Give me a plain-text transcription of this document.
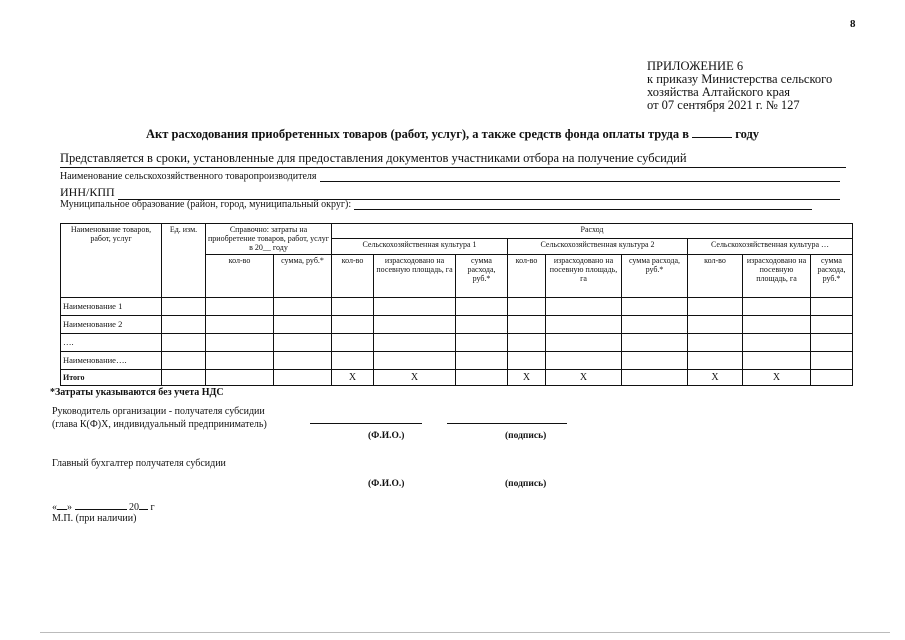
8
ПРИЛОЖЕНИЕ 6
к приказу Министерства сельского
хозяйства Алтайского края
от 07 сентября 2021 г. № 127
Акт расходования приобретенных товаров (работ, услуг), а также средств фонда оплаты труда в	году
Представляется в сроки, установленные для предоставления документов участниками отбора на получение субсидий
Наименование сельскохозяйственного товаропроизводителя
ИНН/КПП
Муниципальное образование (район, город, муниципальный округ):
Наименование товаров, работ, услуг	Ед. изм.	Справочно: затраты на приобретение товаров, работ, услуг в 20__ году		Расход								
				Сельскохозяйственная культура 1			Сельскохозяйственная культура 2			Сельскохозяйственная культура …		
		кол-во	сумма, руб.*	кол-во	израсходовано на посевную площадь, га	сумма расхода, руб.*	кол-во	израсходовано на посевную площадь, га	сумма расхода, руб.*	кол-во	израсходовано на посевную площадь, га	сумма расхода, руб.*
Наименование 1												
Наименование 2												
….												
Наименование….												
Итого				Х	Х		Х	Х		Х	Х	
*Затраты указываются без учета НДС
Руководитель организации - получателя субсидии
(глава К(Ф)Х, индивидуальный предприниматель)
(Ф.И.О.)	(подпись)
Главный бухгалтер получателя субсидии
(Ф.И.О.)	(подпись)
« »	20 г
М.П. (при наличии)
